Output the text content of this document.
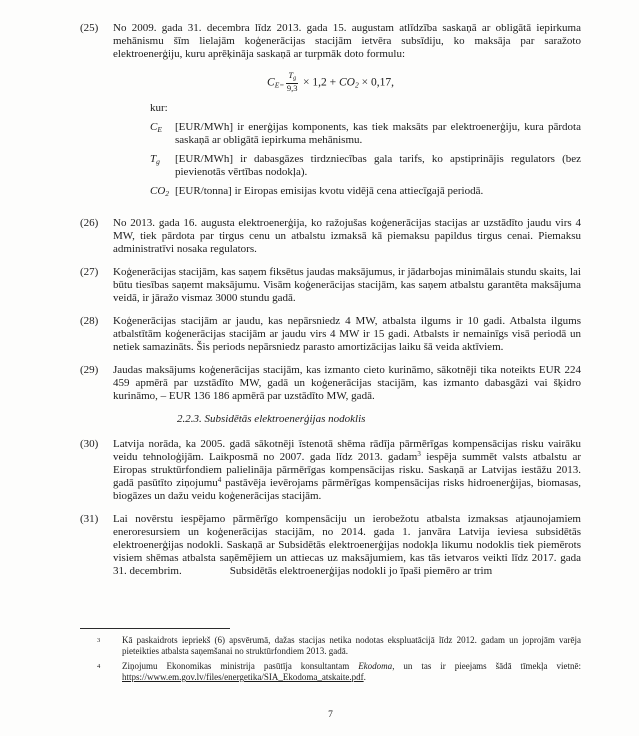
(25)	No 2009. gada 31. decembra līdz 2013. gada 15. augustam atlīdzība saskaņā ar obligātā iepirkuma mehānismu šīm lielajām koģenerācijas stacijām ietvēra subsīdiju, ko maksāja par saražoto elektroenerģiju, kuru aprēķināja saskaņā ar turpmāk doto formulu:
$C_{E=} \frac{T_g}{9,3} \times 1,2 + CO_2 \times 0,17$,
kur:
$C_E$	[EUR/MWh] ir enerģijas komponents, kas tiek maksāts par elektroenerģiju, kura pārdota saskaņā ar obligātā iepirkuma mehānismu.
$T_g$	[EUR/MWh] ir dabasgāzes tirdzniecības gala tarifs, ko apstiprinājis regulators (bez pievienotās vērtības nodokļa).
$CO_2$ [EUR/tonna] ir Eiropas emisijas kvotu vidējā cena attiecīgajā periodā.
(26)	No 2013. gada 16. augusta elektroenerģija, ko ražojušas koģenerācijas stacijas ar uzstādīto jaudu virs 4 MW, tiek pārdota par tirgus cenu un atbalstu izmaksā kā piemaksu papildus tirgus cenai. Piemaksu administratīvi nosaka regulators.
(27)	Koģenerācijas stacijām, kas saņem fiksētus jaudas maksājumus, ir jādarbojas minimālais stundu skaits, lai būtu tiesības saņemt maksājumu. Visām koģenerācijas stacijām, kas saņem atbalstu garantēta maksājuma veidā, ir jāražo vismaz 3000 stundu gadā.
(28)	Koģenerācijas stacijām ar jaudu, kas nepārsniedz 4 MW, atbalsta ilgums ir 10 gadi. Atbalsta ilgums atbalstītām koģenerācijas stacijām ar jaudu virs 4 MW ir 15 gadi. Atbalsts ir nemainīgs visā periodā un netiek samazināts. Šis periods nepārsniedz parasto amortizācijas laiku šā veida aktīviem.
(29)	Jaudas maksājums koģenerācijas stacijām, kas izmanto cieto kurināmo, sākotnēji tika noteikts EUR 224 459 apmērā par uzstādīto MW, gadā un koģenerācijas stacijām, kas izmanto dabasgāzi vai šķidro kurināmo, – EUR 136 186 apmērā par uzstādīto MW, gadā.
2.2.3. Subsidētās elektroenerģijas nodoklis
(30)	Latvija norāda, ka 2005. gadā sākotnēji īstenotā shēma rādīja pārmērīgas kompensācijas risku vairāku veidu tehnoloģijām. Laikposmā no 2007. gada līdz 2013. gadam$^3$ iespēja summēt valsts atbalstu ar Eiropas struktūrfondiem palielināja pārmērīgas kompensācijas risku. Saskaņā ar Latvijas iestāžu 2013. gadā pasūtīto ziņojumu$^4$ pastāvēja ievērojams pārmērīgas kompensācijas risks hidroenerģijas, biomasas, biogāzes un dažu veidu koģenerācijas stacijām.
(31)	Lai novērstu iespējamo pārmērīgo kompensāciju un ierobežotu atbalsta izmaksas atjaunojamiem eneroresursiem un koģenerācijas stacijām, no 2014. gada 1. janvāra Latvija ieviesa subsidētās elektroenerģijas nodokli. Saskaņā ar Subsidētās elektroenerģijas nodokļa likumu nodoklis tiek piemērots visiem shēmas atbalsta saņēmējiem un attiecas uz maksājumiem, kas tās ietvaros veikti līdz 2017. gada 31. decembrim.	Subsidētās elektroenerģijas nodokli jo īpaši piemēro ar trim
$^3$	Kā paskaidrots iepriekš (6) apsvērumā, dažas stacijas netika nodotas ekspluatācijā līdz 2012. gadam un joprojām varēja pieteikties atbalsta saņemšanai no struktūrfondiem 2013. gadā.
$^4$	Ziņojumu Ekonomikas ministrija pasūtīja konsultantam Ekodoma, un tas ir pieejams šādā tīmekļa vietnē: https://www.em.gov.lv/files/energetika/SIA_Ekodoma_atskaite.pdf.
7
